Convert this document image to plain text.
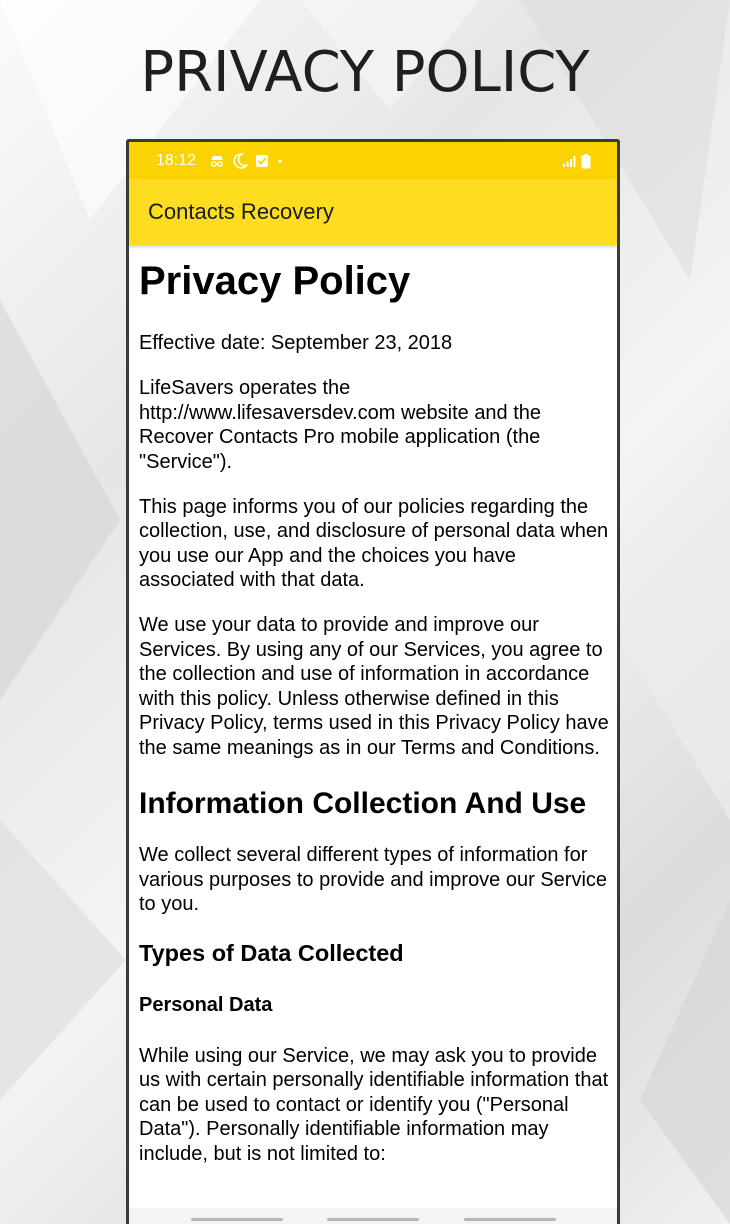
PRIVACY POLICY
18:12
Contacts Recovery
Privacy Policy

Effective date: September 23, 2018

LifeSavers operates the http://www.lifesaversdev.com website and the Recover Contacts Pro mobile application (the "Service").

This page informs you of our policies regarding the collection, use, and disclosure of personal data when you use our App and the choices you have associated with that data.

We use your data to provide and improve our Services. By using any of our Services, you agree to the collection and use of information in accordance with this policy. Unless otherwise defined in this Privacy Policy, terms used in this Privacy Policy have the same meanings as in our Terms and Conditions.

Information Collection And Use

We collect several different types of information for various purposes to provide and improve our Service to you.

Types of Data Collected
Personal Data

While using our Service, we may ask you to provide us with certain personally identifiable information that can be used to contact or identify you ("Personal Data"). Personally identifiable information may include, but is not limited to:
